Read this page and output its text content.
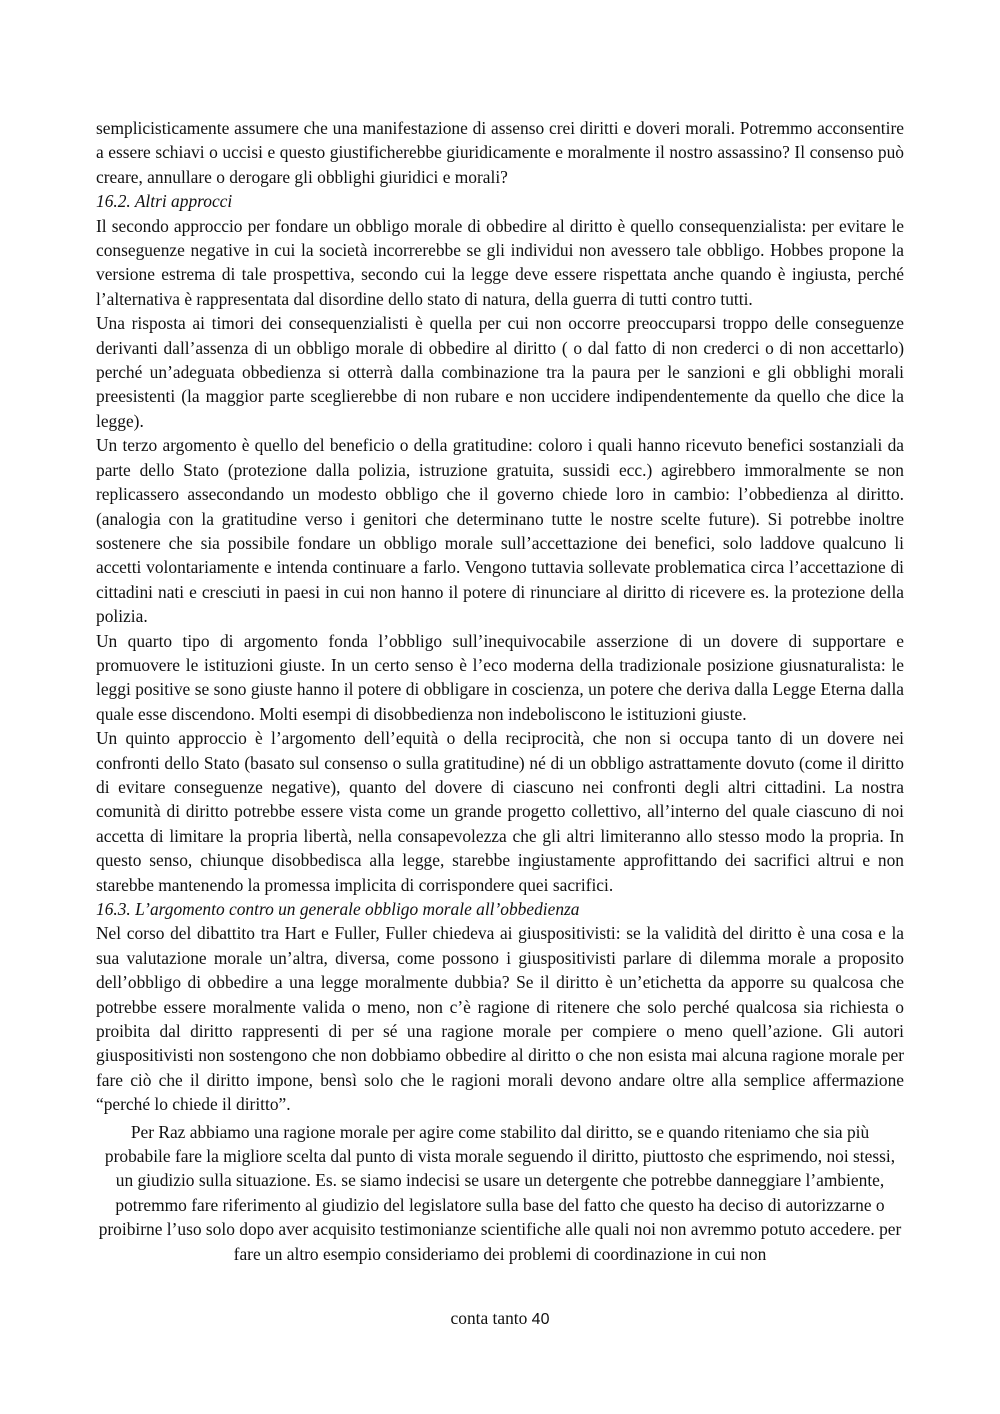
semplicisticamente assumere che una manifestazione di assenso crei diritti e doveri morali. Potremmo acconsentire a essere schiavi o uccisi e questo giustificherebbe giuridicamente e moralmente il nostro assassino? Il consenso può creare, annullare o derogare gli obblighi giuridici e morali?

16.2. Altri approcci

Il secondo approccio per fondare un obbligo morale di obbedire al diritto è quello consequenzialista: per evitare le conseguenze negative in cui la società incorrerebbe se gli individui non avessero tale obbligo. Hobbes propone la versione estrema di tale prospettiva, secondo cui la legge deve essere rispettata anche quando è ingiusta, perché l’alternativa è rappresentata dal disordine dello stato di natura, della guerra di tutti contro tutti.

Una risposta ai timori dei consequenzialisti è quella per cui non occorre preoccuparsi troppo delle conseguenze derivanti dall’assenza di un obbligo morale di obbedire al diritto ( o dal fatto di non crederci o di non accettarlo) perché un’adeguata obbedienza si otterrà dalla combinazione tra la paura per le sanzioni e gli obblighi morali preesistenti (la maggior parte sceglierebbe di non rubare e non uccidere indipendentemente da quello che dice la legge).

Un terzo argomento è quello del beneficio o della gratitudine: coloro i quali hanno ricevuto benefici sostanziali da parte dello Stato (protezione dalla polizia, istruzione gratuita, sussidi ecc.) agirebbero immoralmente se non replicassero assecondando un modesto obbligo che il governo chiede loro in cambio: l’obbedienza al diritto. (analogia con la gratitudine verso i genitori che determinano tutte le nostre scelte future). Si potrebbe inoltre sostenere che sia possibile fondare un obbligo morale sull’accettazione dei benefici, solo laddove qualcuno li accetti volontariamente e intenda continuare a farlo. Vengono tuttavia sollevate problematica circa l’accettazione di cittadini nati e cresciuti in paesi in cui non hanno il potere di rinunciare al diritto di ricevere es. la protezione della polizia.

Un quarto tipo di argomento fonda l’obbligo sull’inequivocabile asserzione di un dovere di supportare e promuovere le istituzioni giuste. In un certo senso è l’eco moderna della tradizionale posizione giusnaturalista: le leggi positive se sono giuste hanno il potere di obbligare in coscienza, un potere che deriva dalla Legge Eterna dalla quale esse discendono. Molti esempi di disobbedienza non indeboliscono le istituzioni giuste.

Un quinto approccio è l’argomento dell’equità o della reciprocità, che non si occupa tanto di un dovere nei confronti dello Stato (basato sul consenso o sulla gratitudine) né di un obbligo astrattamente dovuto (come il diritto di evitare conseguenze negative), quanto del dovere di ciascuno nei confronti degli altri cittadini. La nostra comunità di diritto potrebbe essere vista come un grande progetto collettivo, all’interno del quale ciascuno di noi accetta di limitare la propria libertà, nella consapevolezza che gli altri limiteranno allo stesso modo la propria. In questo senso, chiunque disobbedisca alla legge, starebbe ingiustamente approfittando dei sacrifici altrui e non starebbe mantenendo la promessa implicita di corrispondere quei sacrifici.

16.3. L’argomento contro un generale obbligo morale all’obbedienza

Nel corso del dibattito tra Hart e Fuller, Fuller chiedeva ai giuspositivisti: se la validità del diritto è una cosa e la sua valutazione morale un’altra, diversa, come possono i giuspositivisti parlare di dilemma morale a proposito dell’obbligo di obbedire a una legge moralmente dubbia? Se il diritto è un’etichetta da apporre su qualcosa che potrebbe essere moralmente valida o meno, non c’è ragione di ritenere che solo perché qualcosa sia richiesta o proibita dal diritto rappresenti di per sé una ragione morale per compiere o meno quell’azione. Gli autori giuspositivisti non sostengono che non dobbiamo obbedire al diritto o che non esista mai alcuna ragione morale per fare ciò che il diritto impone, bensì solo che le ragioni morali devono andare oltre alla semplice affermazione “perché lo chiede il diritto”.

Per Raz abbiamo una ragione morale per agire come stabilito dal diritto, se e quando riteniamo che sia più probabile fare la migliore scelta dal punto di vista morale seguendo il diritto, piuttosto che esprimendo, noi stessi, un giudizio sulla situazione. Es. se siamo indecisi se usare un detergente che potrebbe danneggiare l’ambiente, potremmo fare riferimento al giudizio del legislatore sulla base del fatto che questo ha deciso di autorizzarne o proibirne l’uso solo dopo aver acquisito testimonianze scientifiche alle quali noi non avremmo potuto accedere. per fare un altro esempio consideriamo dei problemi di coordinazione in cui non

conta tanto 40
